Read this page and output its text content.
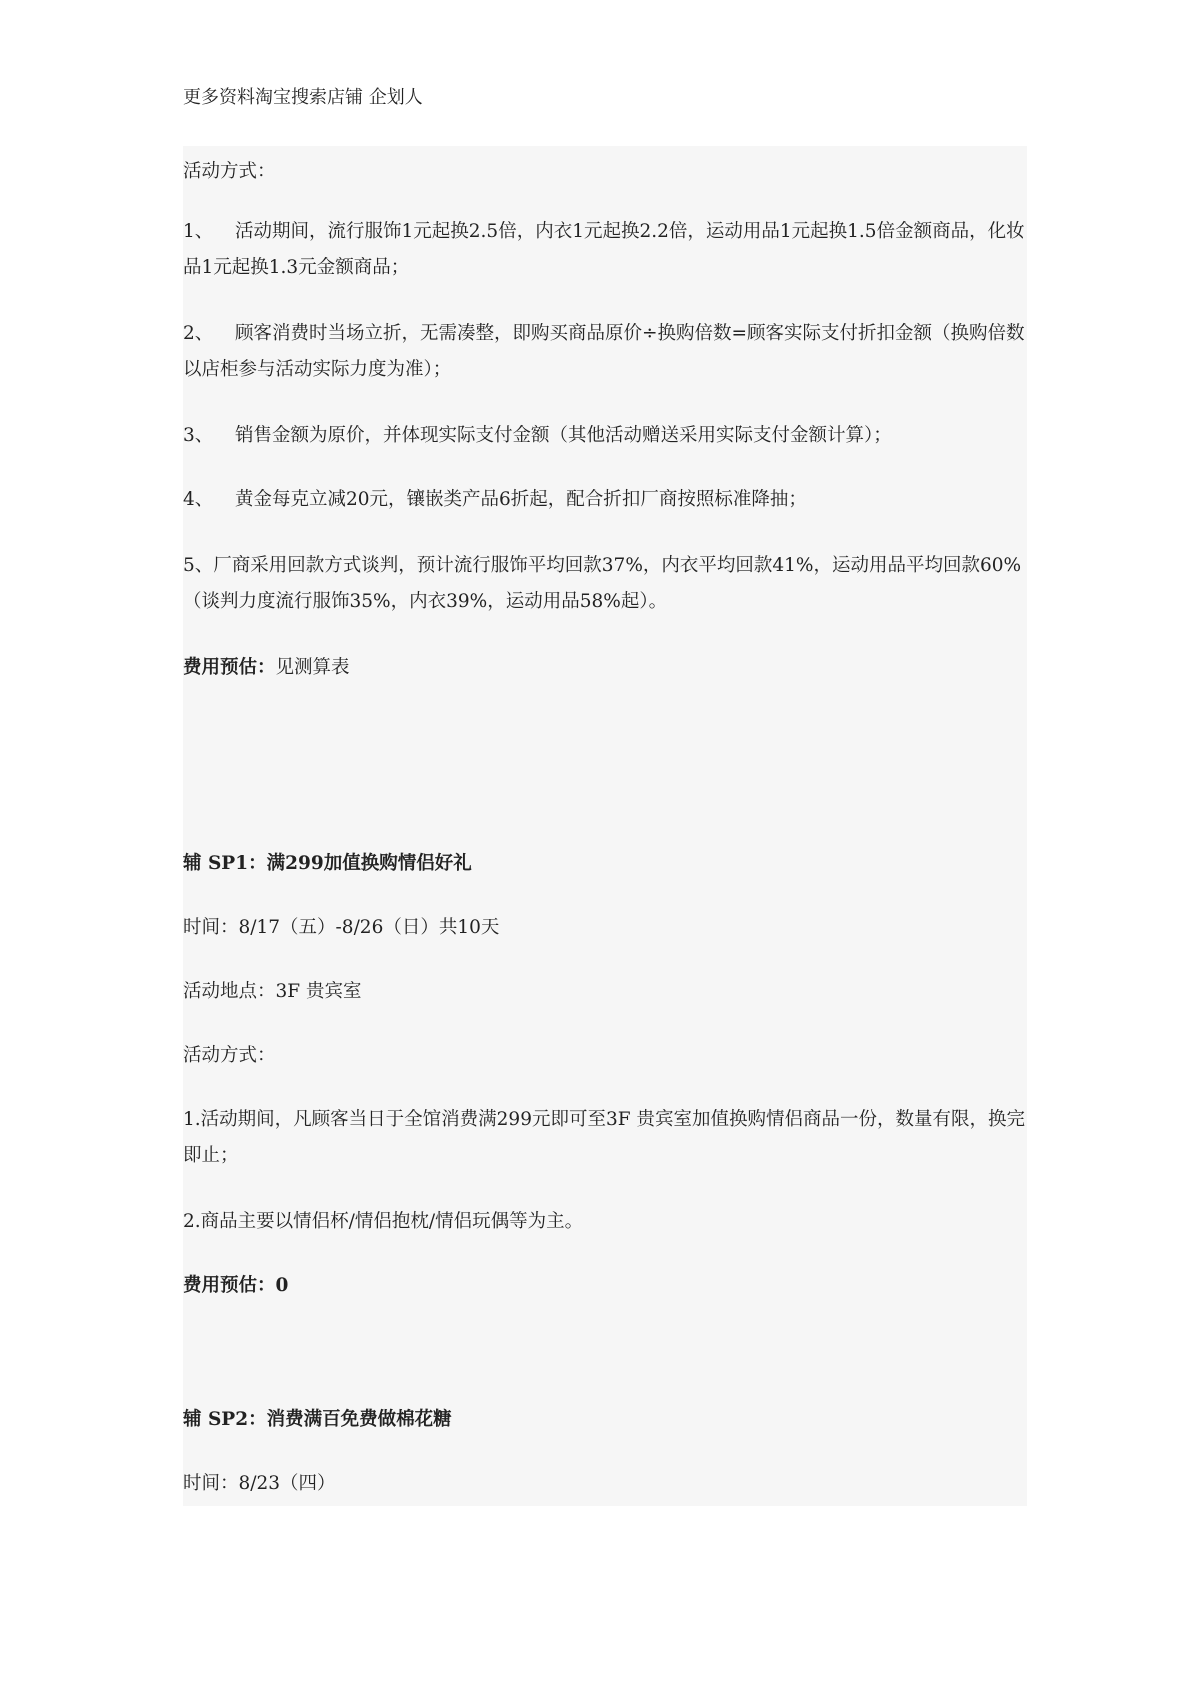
更多资料淘宝搜索店铺 企划人

活动方式：

1、 活动期间，流行服饰1元起换2.5倍，内衣1元起换2.2倍，运动用品1元起换1.5倍金额商品，化妆品1元起换1.3元金额商品；

2、 顾客消费时当场立折，无需凑整，即购买商品原价÷换购倍数=顾客实际支付折扣金额（换购倍数以店柜参与活动实际力度为准）；

3、 销售金额为原价，并体现实际支付金额（其他活动赠送采用实际支付金额计算）；

4、 黄金每克立减20元，镶嵌类产品6折起，配合折扣厂商按照标准降抽；

5、厂商采用回款方式谈判，预计流行服饰平均回款37%，内衣平均回款41%，运动用品平均回款60%（谈判力度流行服饰35%，内衣39%，运动用品58%起）。

费用预估：见测算表

辅 SP1：满299加值换购情侣好礼

时间：8/17（五）-8/26（日）共10天

活动地点：3F 贵宾室

活动方式：

1.活动期间，凡顾客当日于全馆消费满299元即可至3F 贵宾室加值换购情侣商品一份，数量有限，换完即止；

2.商品主要以情侣杯/情侣抱枕/情侣玩偶等为主。

费用预估：0

辅 SP2：消费满百免费做棉花糖

时间：8/23（四）
